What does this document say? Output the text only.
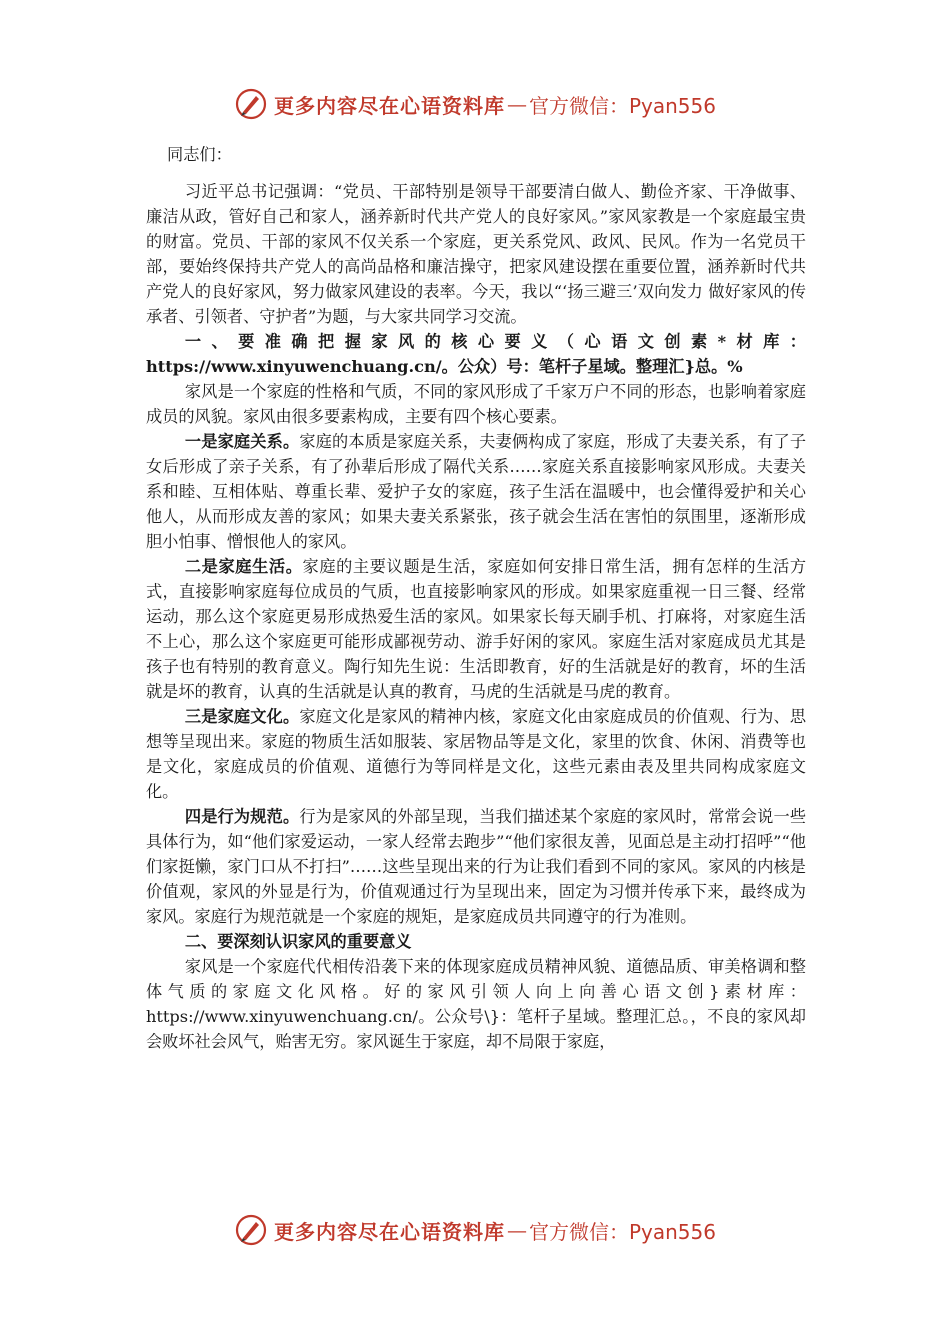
更多内容尽在心语资料库 — 官方微信：Pyan556

同志们：

习近平总书记强调：“党员、干部特别是领导干部要清白做人、勤俭齐家、干净做事、廉洁从政，管好自己和家人，涵养新时代共产党人的良好家风。”家风家教是一个家庭最宝贵的财富。党员、干部的家风不仅关系一个家庭，更关系党风、政风、民风。作为一名党员干部，要始终保持共产党人的高尚品格和廉洁操守，把家风建设摆在重要位置，涵养新时代共产党人的良好家风，努力做家风建设的表率。今天，我以“‘扬三避三’双向发力 做好家风的传承者、引领者、守护者”为题，与大家共同学习交流。

一、要准确把握家风的核心要义（心语文创素*材库：https://www.xinyuwenchuang.cn/。公众）号：笔杆子星域。整理汇}总。%

家风是一个家庭的性格和气质，不同的家风形成了千家万户不同的形态，也影响着家庭成员的风貌。家风由很多要素构成，主要有四个核心要素。

一是家庭关系。家庭的本质是家庭关系，夫妻俩构成了家庭，形成了夫妻关系，有了子女后形成了亲子关系，有了孙辈后形成了隔代关系……家庭关系直接影响家风形成。夫妻关系和睦、互相体贴、尊重长辈、爱护子女的家庭，孩子生活在温暖中，也会懂得爱护和关心他人，从而形成友善的家风；如果夫妻关系紧张，孩子就会生活在害怕的氛围里，逐渐形成胆小怕事、憎恨他人的家风。

二是家庭生活。家庭的主要议题是生活，家庭如何安排日常生活，拥有怎样的生活方式，直接影响家庭每位成员的气质，也直接影响家风的形成。如果家庭重视一日三餐、经常运动，那么这个家庭更易形成热爱生活的家风。如果家长每天刷手机、打麻将，对家庭生活不上心，那么这个家庭更可能形成鄙视劳动、游手好闲的家风。家庭生活对家庭成员尤其是孩子也有特别的教育意义。陶行知先生说：生活即教育，好的生活就是好的教育，坏的生活就是坏的教育，认真的生活就是认真的教育，马虎的生活就是马虎的教育。

三是家庭文化。家庭文化是家风的精神内核，家庭文化由家庭成员的价值观、行为、思想等呈现出来。家庭的物质生活如服装、家居物品等是文化，家里的饮食、休闲、消费等也是文化，家庭成员的价值观、道德行为等同样是文化，这些元素由表及里共同构成家庭文化。

四是行为规范。行为是家风的外部呈现，当我们描述某个家庭的家风时，常常会说一些具体行为，如“他们家爱运动，一家人经常去跑步”“他们家很友善，见面总是主动打招呼”“他们家挺懒，家门口从不打扫”……这些呈现出来的行为让我们看到不同的家风。家风的内核是价值观，家风的外显是行为，价值观通过行为呈现出来，固定为习惯并传承下来，最终成为家风。家庭行为规范就是一个家庭的规矩，是家庭成员共同遵守的行为准则。

二、要深刻认识家风的重要意义

家风是一个家庭代代相传沿袭下来的体现家庭成员精神风貌、道德品质、审美格调和整体气质的家庭文化风格。好的家风引领人向上向善心语文创}素材库：https://www.xinyuwenchuang.cn/。公众号\}：笔杆子星域。整理汇总。，不良的家风却会败坏社会风气，贻害无穷。家风诞生于家庭，却不局限于家庭，

更多内容尽在心语资料库 — 官方微信：Pyan556
